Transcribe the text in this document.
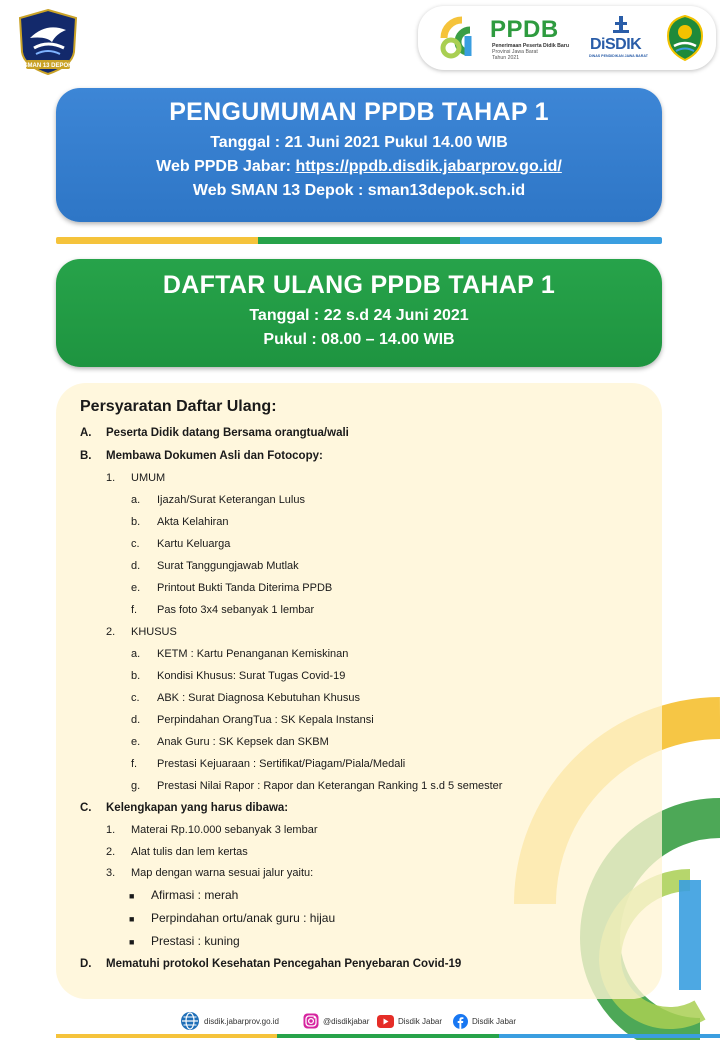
SMAN 13 DEPOK
PPDB
Penerimaan Peserta Didik Baru
Provinsi Jawa Barat
Tahun 2021
DiSDIK
DINAS PENDIDIKAN JAWA BARAT
PENGUMUMAN PPDB TAHAP 1

Tanggal : 21 Juni 2021 Pukul 14.00 WIB

Web PPDB Jabar: https://ppdb.disdik.jabarprov.go.id/

Web SMAN 13 Depok : sman13depok.sch.id

DAFTAR ULANG PPDB TAHAP 1

Tanggal : 22 s.d 24 Juni 2021

Pukul : 08.00 – 14.00 WIB

Persyaratan Daftar Ulang:
A. Peserta Didik datang Bersama orangtua/wali
B. Membawa Dokumen Asli dan Fotocopy:
1. UMUM
a. Ijazah/Surat Keterangan Lulus
b. Akta Kelahiran
c. Kartu Keluarga
d. Surat Tanggungjawab Mutlak
e. Printout Bukti Tanda Diterima PPDB
f. Pas foto 3x4 sebanyak 1 lembar
2. KHUSUS
a. KETM : Kartu Penanganan Kemiskinan
b. Kondisi Khusus: Surat Tugas Covid-19
c. ABK : Surat Diagnosa Kebutuhan Khusus
d. Perpindahan OrangTua : SK Kepala Instansi
e. Anak Guru : SK Kepsek dan SKBM
f. Prestasi Kejuaraan : Sertifikat/Piagam/Piala/Medali
g. Prestasi Nilai Rapor : Rapor dan Keterangan Ranking 1 s.d 5 semester
C. Kelengkapan yang harus dibawa:
1. Materai Rp.10.000 sebanyak 3 lembar
2. Alat tulis dan lem kertas
3. Map dengan warna sesuai jalur yaitu:
■ Afirmasi : merah
■ Perpindahan ortu/anak guru : hijau
■ Prestasi : kuning
D. Mematuhi protokol Kesehatan Pencegahan Penyebaran Covid-19
disdik.jabarprov.go.id	@disdikjabar	Disdik Jabar	Disdik Jabar
